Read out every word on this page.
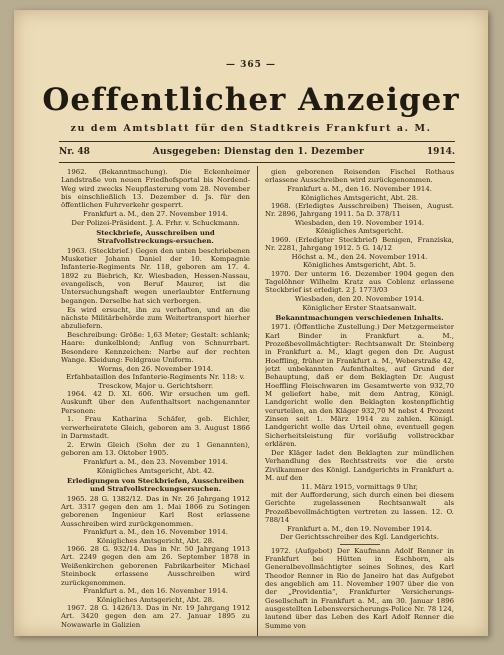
— 365 —
Oeffentlicher Anzeiger
zu dem Amtsblatt für den Stadtkreis Frankfurt a. M.
Nr. 48	Ausgegeben: Dienstag den 1. Dezember	1914.
1962. (Bekanntmachung). Die Eckenheimer Landstraße von neuen Friedhofsportal bis Nordend-Weg wird zwecks Neupflasterung vom 28. November bis einschließlich 13. Dezember d. Js. für den öffentlichen Fuhrverkehr gesperrt.
Frankfurt a. M., den 27. November 1914.
Der Polizei-Präsident. J. A. Frhr. v. Schuckmann.
Steckbriefe, Ausschreiben und Strafvollstreckungs-ersuchen.
1963. (Steckbrief.) Gegen den unten beschriebenen Musketier Johann Daniel der 10. Kompagnie Infanterie-Regiments Nr. 118, geboren am 17. 4. 1892 zu Biebrich, Kr. Wiesbaden, Hessen-Nassau, evangelisch, von Beruf Maurer, ist die Untersuchungshaft wegen unerlaubter Entfernung begangen. Derselbe hat sich verborgen.
Es wird ersucht, ihn zu verhaften, und an die nächste Militärbehörde zum Weitertransport hierher abzuliefern.
Beschreibung: Größe: 1,63 Meter; Gestalt: schlank; Haare: dunkelblond; Anflug von Schnurrbart. Besondere Kennzeichen: Narbe auf der rechten Wange. Kleidung: Feldgraue Uniform.
Worms, den 26. November 1914.
Erfahbataillon des Infanterie-Regiments Nr. 118: v. Tresckow, Major u. Gerichtsherr.
1964. 42 D. XI. 606. Wir ersuchen um gefl. Auskunft über den Aufenthaltsort nachgenannter Personen:
1. Frau Katharina Schäfer, geb. Eichler, verwerheiratete Gleich, geboren am 3. August 1866 in Darmstadt.
2. Erwin Gleich (Sohn der zu 1 Genannten), geboren am 13. Oktober 1905.
Frankfurt a. M., den 23. November 1914.
Königliches Amtsgericht, Abt. 42.
Erledigungen von Steckbriefen, Ausschreiben und Strafvollstreckungsersuchen.
1965. 28 G. 1382/12. Das in Nr. 26 Jahrgang 1912 Art. 3317 gegen den am 1. Mai 1866 zu Sotingen geborenen Ingenieur Karl Rost erlassene Ausschreiben wird zurückgenommen.
Frankfurt a. M., den 16. November 1914.
Königliches Amtsgericht, Abt. 28.
1966. 28 G. 932/14. Das in Nr. 50 Jahrgang 1913 Art. 2249 gegen den am 26. September 1878 in Weißenkirchen geborenen Fabrikarbeiter Michael Steinbock erlassene Ausschreiben wird zurückgenommen.
Frankfurt a. M., den 16. November 1914.
Königliches Amtsgericht, Abt. 28.
1967. 28 G. 1426/13. Das in Nr. 19 Jahrgang 1912 Art. 3420 gegen den am 27. Januar 1895 zu Nowawarle in Galizien
gien geborenen Reisenden Fischel Rothaus erlassene Ausschreiben wird zurückgenommen.
Frankfurt a. M., den 16. November 1914.
Königliches Amtsgericht, Abt. 28.
1968. (Erledigtes Ausschreiben) Theisen, August. Nr. 2896, Jahrgang 1911. 5a D. 378/11
Wiesbaden, den 19. November 1914.
Königliches Amtsgericht.
1969. (Erledigter Steckbrief) Benigen, Franziska, Nr. 2281, Jahrgang 1912. 5 G. 14/12
Höchst a. M., den 24. November 1914.
Königliches Amtsgericht, Abt. 5.
1970. Der unterm 16. Dezember 1904 gegen den Tagelöhner Wilhelm Kratz aus Coblenz erlassene Steckbrief ist erledigt. 2 J. 1773/03
Wiesbaden, den 20. November 1914.
Königlicher Erster Staatsanwalt.
Bekanntmachungen verschiedenen Inhalts.
1971. (Öffentliche Zustellung.) Der Metzgermeister Karl Binder in Frankfurt a. M., Prozeßbevollmächtigter: Rechtsanwalt Dr. Steinberg in Frankfurt a. M., klagt gegen den Dr. August Hoeffling, früher in Frankfurt a. M., Weberstraße 42, jetzt unbekannten Aufenthaltes, auf Grund der Behauptung, daß er dem Beklagten Dr. August Hoeffling Fleischwaren im Gesamtwerte von 932,70 M geliefert habe, mit dem Antrag, Königl. Landgericht wolle den Beklagten kostenpflichtig verurteilen, an den Kläger 932,70 M nebst 4 Prozent Zinsen seit 1. März 1914 zu zahlen. Königl. Landgericht wolle das Urteil ohne, eventuell gegen Sicherheitsleistung für vorläufig vollstreckbar erklären.
Der Kläger ladet den Beklagten zur mündlichen Verhandlung des Rechtsstreits vor die erste Zivilkammer des Königl. Landgerichts in Frankfurt a. M. auf den
11. März 1915, vormittags 9 Uhr,
mit der Aufforderung, sich durch einen bei diesem Gerichte zugelassenen Rechtsanwalt als Prozeßbevollmächtigten vertreten zu lassen. 12. O. 788/14
Frankfurt a. M., den 19. November 1914.
Der Gerichtsschreiber des Kgl. Landgerichts.
1972. (Aufgebot) Der Kaufmann Adolf Renner in Frankfurt bei Hütten in Eschborn, als Generalbevollmächtigter seines Sohnes, des Karl Theodor Renner in Rio de Janeiro hat das Aufgebot des angeblich am 11. November 1907 über die von der „Providentia“, Frankfurter Versicherungs-Gesellschaft in Frankfurt a. M., am 30. Januar 1896 ausgestellten Lebensversicherungs-Police Nr. 78 124, lautend über das Leben des Karl Adolf Renner die Summe von
